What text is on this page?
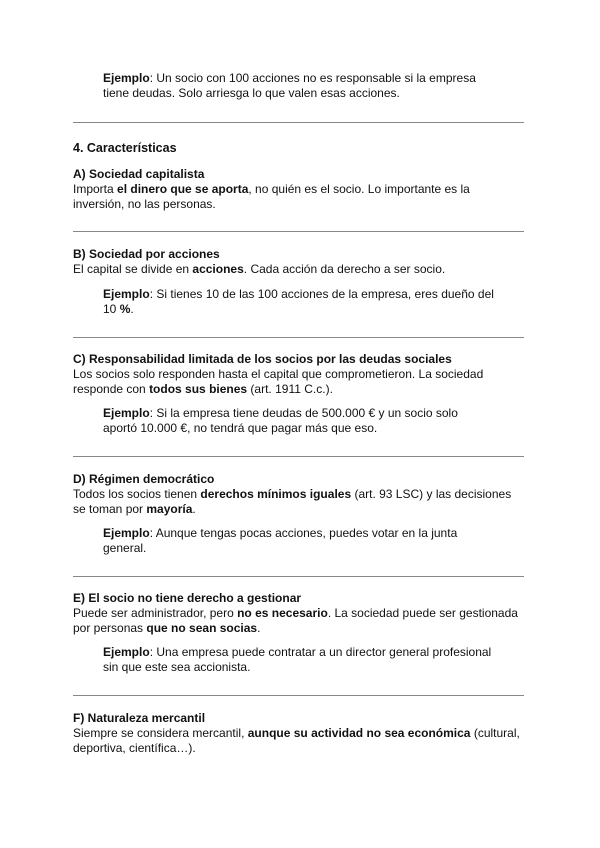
Ejemplo: Un socio con 100 acciones no es responsable si la empresa
tiene deudas. Solo arriesga lo que valen esas acciones.
4. Características
A) Sociedad capitalista
Importa el dinero que se aporta, no quién es el socio. Lo importante es la
inversión, no las personas.
B) Sociedad por acciones
El capital se divide en acciones. Cada acción da derecho a ser socio.
Ejemplo: Si tienes 10 de las 100 acciones de la empresa, eres dueño del
10 %.
C) Responsabilidad limitada de los socios por las deudas sociales
Los socios solo responden hasta el capital que comprometieron. La sociedad
responde con todos sus bienes (art. 1911 C.c.).
Ejemplo: Si la empresa tiene deudas de 500.000 € y un socio solo
aportó 10.000 €, no tendrá que pagar más que eso.
D) Régimen democrático
Todos los socios tienen derechos mínimos iguales (art. 93 LSC) y las decisiones
se toman por mayoría.
Ejemplo: Aunque tengas pocas acciones, puedes votar en la junta
general.
E) El socio no tiene derecho a gestionar
Puede ser administrador, pero no es necesario. La sociedad puede ser gestionada
por personas que no sean socias.
Ejemplo: Una empresa puede contratar a un director general profesional
sin que este sea accionista.
F) Naturaleza mercantil
Siempre se considera mercantil, aunque su actividad no sea económica (cultural,
deportiva, científica…).
